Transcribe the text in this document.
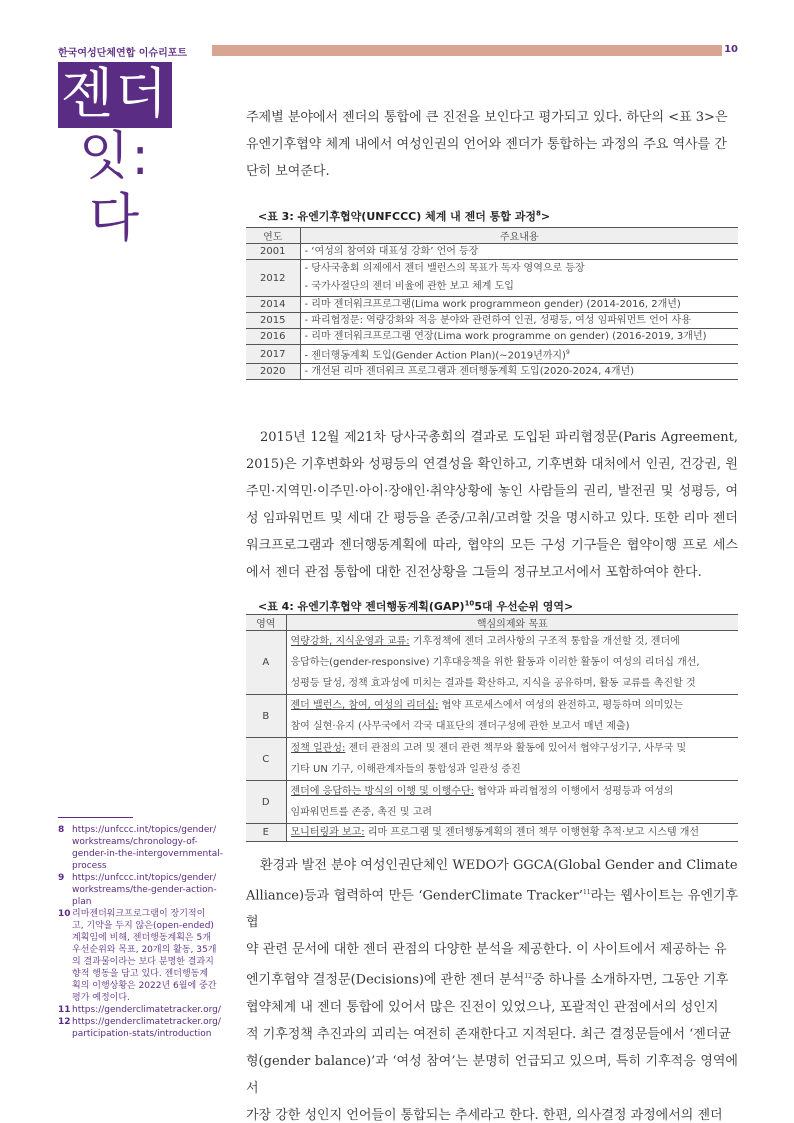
한국여성단체연합 이슈리포트	10
젠더
잇:다
주제별 분야에서 젠더의 통합에 큰 진전을 보인다고 평가되고 있다. 하단의 <표 3>은
유엔기후협약 체계 내에서 여성인권의 언어와 젠더가 통합하는 과정의 주요 역사를 간
단히 보여준다.
<표 3: 유엔기후협약(UNFCCC) 체계 내 젠더 통합 과정$^8$>
연도	주요내용
2001	- ‘여성의 참여와 대표성 강화’ 언어 등장

2012	- 당사국총회 의제에서 젠더 밸런스의 목표가 독자 영역으로 등장
- 국가사절단의 젠더 비율에 관한 보고 체계 도입

2014	- 리마 젠더워크프로그램(Lima work programmeon gender) (2014-2016, 2개년)

2015	- 파리협정문: 역량강화와 적응 분야와 관련하여 인권, 성평등, 여성 임파워먼트 언어 사용

2016	- 리마 젠더워크프로그램 연장(Lima work programme on gender) (2016-2019, 3개년)

2017	- 젠더행동계획 도입(Gender Action Plan)(~2019년까지)$^9$

2020	- 개선된 리마 젠더워크 프로그램과 젠더행동계획 도입(2020-2024, 4개년)

2015년 12월 제21차 당사국총회의 결과로 도입된 파리협정문(Paris Agreement, 2015)은 기후변화와 성평등의 연결성을 확인하고, 기후변화 대처에서 인권, 건강권, 원 주민·지역민·이주민·아이·장애인·취약상황에 놓인 사람들의 권리, 발전권 및 성평등, 여성 임파워먼트 및 세대 간 평등을 존중/고취/고려할 것을 명시하고 있다. 또한 리마 젠더워크프로그램과 젠더행동계획에 따라, 협약의 모든 구성 기구들은 협약이행 프로 세스에서 젠더 관점 통합에 대한 진전상황을 그들의 정규보고서에서 포함하여야 한다.

<표 4: 유엔기후협약 젠더행동계획(GAP)$^{10}$5대 우선순위 영역>
영역	핵심의제와 목표
A	역량강화, 지식운영과 교류: 기후정책에 젠더 고려사항의 구조적 통합을 개선할 것, 젠더에
응답하는(gender-responsive) 기후대응책을 위한 활동과 이러한 활동이 여성의 리더십 개선,
성평등 달성, 정책 효과성에 미치는 결과를 확산하고, 지식을 공유하며, 활동 교류를 촉진할 것

B	젠더 밸런스, 참여, 여성의 리더십: 협약 프로세스에서 여성의 완전하고, 평등하며 의미있는
참여 실현·유지 (사무국에서 각국 대표단의 젠더구성에 관한 보고서 매년 제출)

C	정책 일관성: 젠더 관점의 고려 및 젠더 관련 책무와 활동에 있어서 협약구성기구, 사무국 및
기타 UN 기구, 이해관계자들의 통합성과 일관성 증진

D	젠더에 응답하는 방식의 이행 및 이행수단: 협약과 파리협정의 이행에서 성평등과 여성의
임파워먼트를 존중, 촉진 및 고려

E	모니터링과 보고: 리마 프로그램 및 젠더행동계획의 젠더 책무 이행현황 추적·보고 시스템 개선
환경과 발전 분야 여성인권단체인 WEDO가 GGCA(Global Gender and Climate
Alliance)등과 협력하여 만든 ‘GenderClimate Tracker’$^{11}$라는 웹사이트는 유엔기후협
약 관련 문서에 대한 젠더 관점의 다양한 분석을 제공한다. 이 사이트에서 제공하는 유
엔기후협약 결정문(Decisions)에 관한 젠더 분석$^{12}$중 하나를 소개하자면, 그동안 기후
협약체계 내 젠더 통합에 있어서 많은 진전이 있었으나, 포괄적인 관점에서의 성인지
적 기후정책 추진과의 괴리는 여전히 존재한다고 지적된다. 최근 결정문들에서 ‘젠더균
형(gender balance)’과 ‘여성 참여’는 분명히 언급되고 있으며, 특히 기후적응 영역에서
가장 강한 성인지 언어들이 통합되는 추세라고 한다. 한편, 의사결정 과정에서의 젠더
8 https://unfccc.int/topics/gender/
workstreams/chronology-of-
gender-in-the-intergovernmental-
process
9 https://unfccc.int/topics/gender/
workstreams/the-gender-action-
plan
10 리마젠더워크프로그램이 장기적이
고, 기약을 두지 않은(open-ended)
계획임에 비해, 젠더행동계획은 5개
우선순위와 목표, 20개의 활동, 35개
의 결과물이라는 보다 분명한 결과지
향적 행동을 담고 있다. 젠더행동계
획의 이행상황은 2022년 6월에 중간
평가 예정이다.
11 https://genderclimatetracker.org/
12 https://genderclimatetracker.org/
participation-stats/introduction
